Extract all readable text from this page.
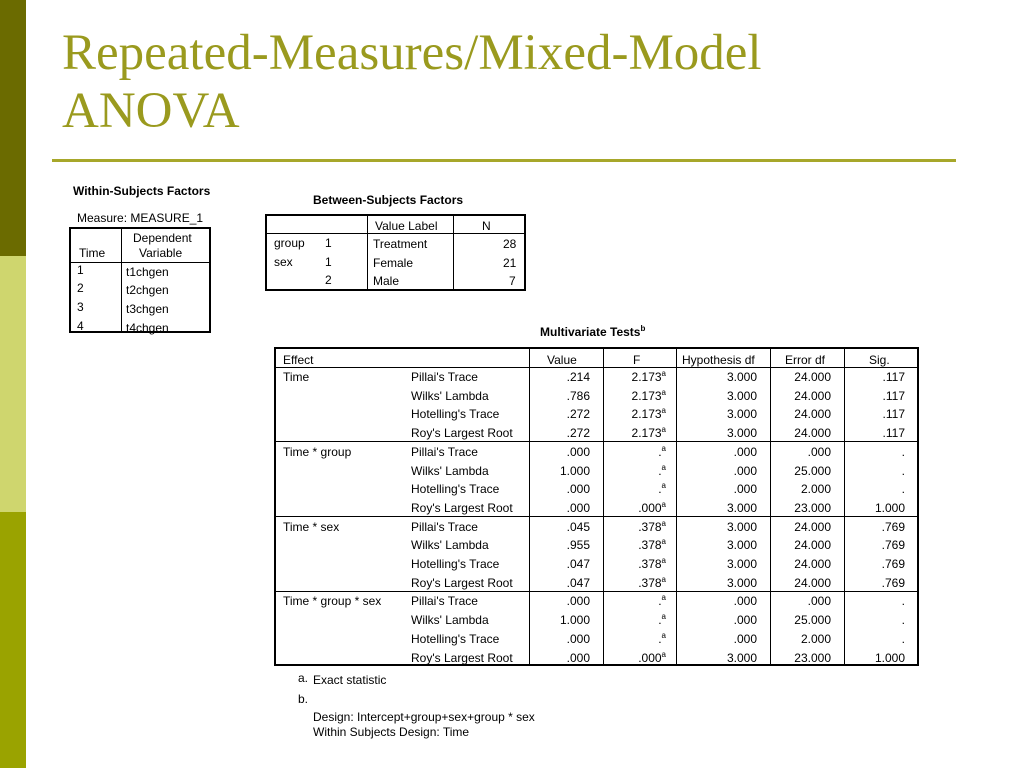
Repeated-Measures/Mixed-Model
ANOVA
Within-Subjects Factors
Measure: MEASURE_1
Time
Dependent
Variable
1	t1chgen
2	t2chgen
3	t3chgen
4	t4chgen
Between-Subjects Factors
Value Label	N
group 1	Treatment	28
sex	1	Female	21
2	Male	7
Multivariate Tests$^b$
Effect	Value	F	Hypothesis df	Error df	Sig.
Time	Pillai's Trace	.214	2.173$^a$	3.000	24.000	.117
Wilks' Lambda	.786	2.173$^a$	3.000	24.000	.117
Hotelling's Trace	.272	2.173$^a$	3.000	24.000	.117
Roy's Largest Root	.272	2.173$^a$	3.000	24.000	.117
Time * group	Pillai's Trace	.000	.$^a$	.000	.000	.
Wilks' Lambda	1.000	.$^a$	.000	25.000	.
Hotelling's Trace	.000	.$^a$	.000	2.000	.
Roy's Largest Root	.000	.000$^a$	3.000	23.000	1.000
Time * sex	Pillai's Trace	.045	.378$^a$	3.000	24.000	.769
Wilks' Lambda	.955	.378$^a$	3.000	24.000	.769
Hotelling's Trace	.047	.378$^a$	3.000	24.000	.769
Roy's Largest Root	.047	.378$^a$	3.000	24.000	.769
Time * group * sex Pillai's Trace	.000	.$^a$	.000	.000	.
Wilks' Lambda	1.000	.$^a$	.000	25.000	.
Hotelling's Trace	.000	.$^a$	.000	2.000	.
Roy's Largest Root	.000	.000$^a$	3.000	23.000	1.000
a. Exact statistic
b.
Design: Intercept+group+sex+group * sex
Within Subjects Design: Time
